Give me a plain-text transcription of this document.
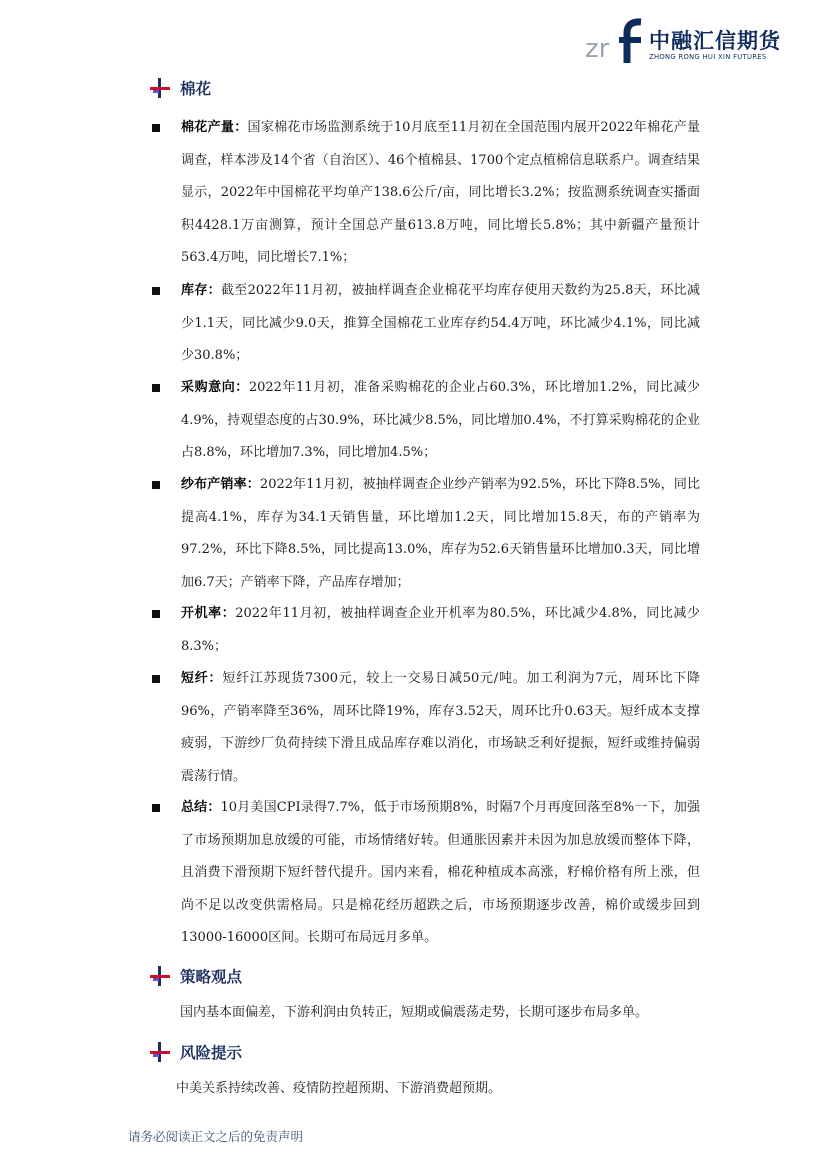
zr 中融汇信期货
ZHONG RONG HUI XIN FUTURES
棉花
棉花产量：国家棉花市场监测系统于10月底至11月初在全国范围内展开2022年棉花产量调查，样本涉及14个省（自治区）、46个植棉县、1700个定点植棉信息联系户。调查结果显示，2022年中国棉花平均单产138.6公斤/亩，同比增长3.2%；按监测系统调查实播面积4428.1万亩测算，预计全国总产量613.8万吨，同比增长5.8%；其中新疆产量预计563.4万吨，同比增长7.1%；
库存：截至2022年11月初，被抽样调查企业棉花平均库存使用天数约为25.8天，环比减少1.1天，同比减少9.0天，推算全国棉花工业库存约54.4万吨，环比减少4.1%，同比减少30.8%；
采购意向：2022年11月初，准备采购棉花的企业占60.3%，环比增加1.2%，同比减少4.9%，持观望态度的占30.9%，环比减少8.5%，同比增加0.4%，不打算采购棉花的企业占8.8%，环比增加7.3%，同比增加4.5%；
纱布产销率：2022年11月初，被抽样调查企业纱产销率为92.5%，环比下降8.5%，同比提高4.1%，库存为34.1天销售量，环比增加1.2天，同比增加15.8天，布的产销率为97.2%，环比下降8.5%，同比提高13.0%，库存为52.6天销售量环比增加0.3天，同比增加6.7天；产销率下降，产品库存增加；
开机率：2022年11月初，被抽样调查企业开机率为80.5%，环比减少4.8%，同比减少8.3%；
短纤：短纤江苏现货7300元，较上一交易日减50元/吨。加工利润为7元，周环比下降96%，产销率降至36%，周环比降19%，库存3.52天，周环比升0.63天。短纤成本支撑疲弱，下游纱厂负荷持续下滑且成品库存难以消化，市场缺乏利好提振，短纤或维持偏弱震荡行情。
总结：10月美国CPI录得7.7%，低于市场预期8%，时隔7个月再度回落至8%一下，加强了市场预期加息放缓的可能，市场情绪好转。但通胀因素并未因为加息放缓而整体下降，且消费下滑预期下短纤替代提升。国内来看，棉花种植成本高涨，籽棉价格有所上涨，但尚不足以改变供需格局。只是棉花经历超跌之后，市场预期逐步改善，棉价或缓步回到13000-16000区间。长期可布局远月多单。
策略观点
国内基本面偏差，下游利润由负转正，短期或偏震荡走势，长期可逐步布局多单。
风险提示
中美关系持续改善、疫情防控超预期、下游消费超预期。
请务必阅读正文之后的免责声明
